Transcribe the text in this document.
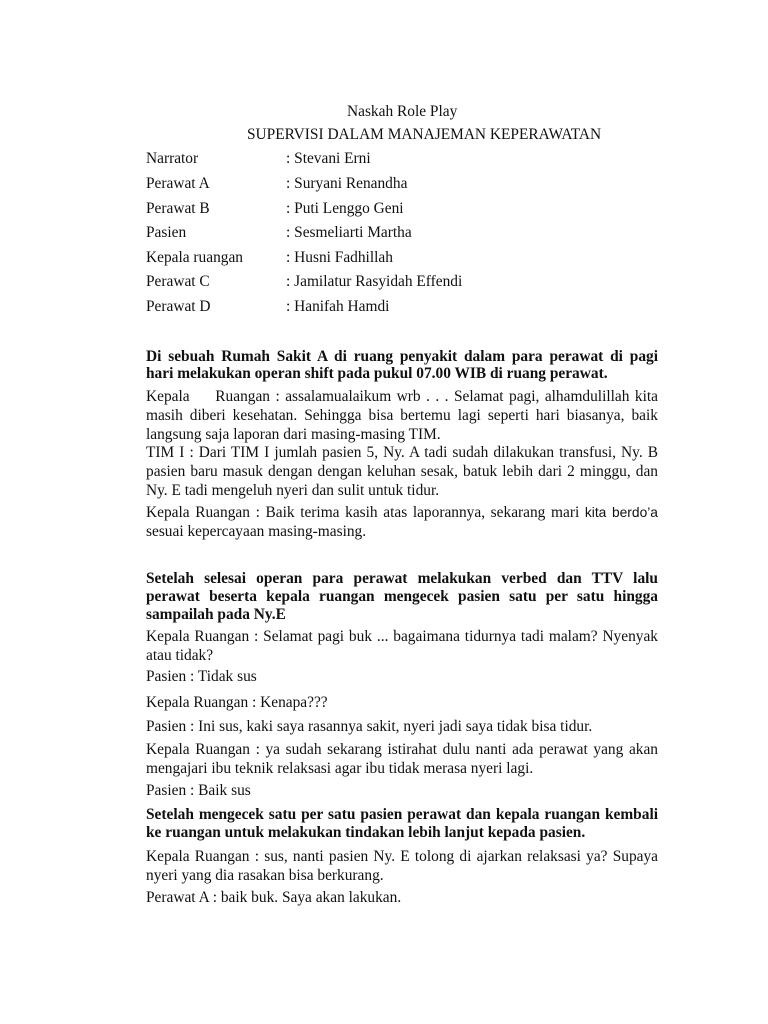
Naskah Role Play
SUPERVISI DALAM MANAJEMAN KEPERAWATAN
Narrator	: Stevani Erni
Perawat A	: Suryani Renandha
Perawat B	: Puti Lenggo Geni
Pasien	: Sesmeliarti Martha
Kepala ruangan	: Husni Fadhillah
Perawat C	: Jamilatur Rasyidah Effendi
Perawat D	: Hanifah Hamdi
Di sebuah Rumah Sakit A di ruang penyakit dalam para perawat di pagi
hari melakukan operan shift pada pukul 07.00 WIB di ruang perawat.
Kepala Ruangan : assalamualaikum wrb . . . Selamat pagi, alhamdulillah kita
masih diberi kesehatan. Sehingga bisa bertemu lagi seperti hari biasanya, baik
langsung saja laporan dari masing-masing TIM.
TIM I : Dari TIM I jumlah pasien 5, Ny. A tadi sudah dilakukan transfusi, Ny. B
pasien baru masuk dengan dengan keluhan sesak, batuk lebih dari 2 minggu, dan
Ny. E tadi mengeluh nyeri dan sulit untuk tidur.
Kepala Ruangan : Baik terima kasih atas laporannya, sekarang mari kita berdo’a
sesuai kepercayaan masing-masing.
Setelah selesai operan para perawat melakukan verbed dan TTV lalu
perawat beserta kepala ruangan mengecek pasien satu per satu hingga
sampailah pada Ny.E
Kepala Ruangan : Selamat pagi buk ... bagaimana tidurnya tadi malam? Nyenyak
atau tidak?
Pasien : Tidak sus
Kepala Ruangan : Kenapa???
Pasien : Ini sus, kaki saya rasannya sakit, nyeri jadi saya tidak bisa tidur.
Kepala Ruangan : ya sudah sekarang istirahat dulu nanti ada perawat yang akan
mengajari ibu teknik relaksasi agar ibu tidak merasa nyeri lagi.
Pasien : Baik sus
Setelah mengecek satu per satu pasien perawat dan kepala ruangan kembali
ke ruangan untuk melakukan tindakan lebih lanjut kepada pasien.
Kepala Ruangan : sus, nanti pasien Ny. E tolong di ajarkan relaksasi ya? Supaya
nyeri yang dia rasakan bisa berkurang.
Perawat A : baik buk. Saya akan lakukan.
